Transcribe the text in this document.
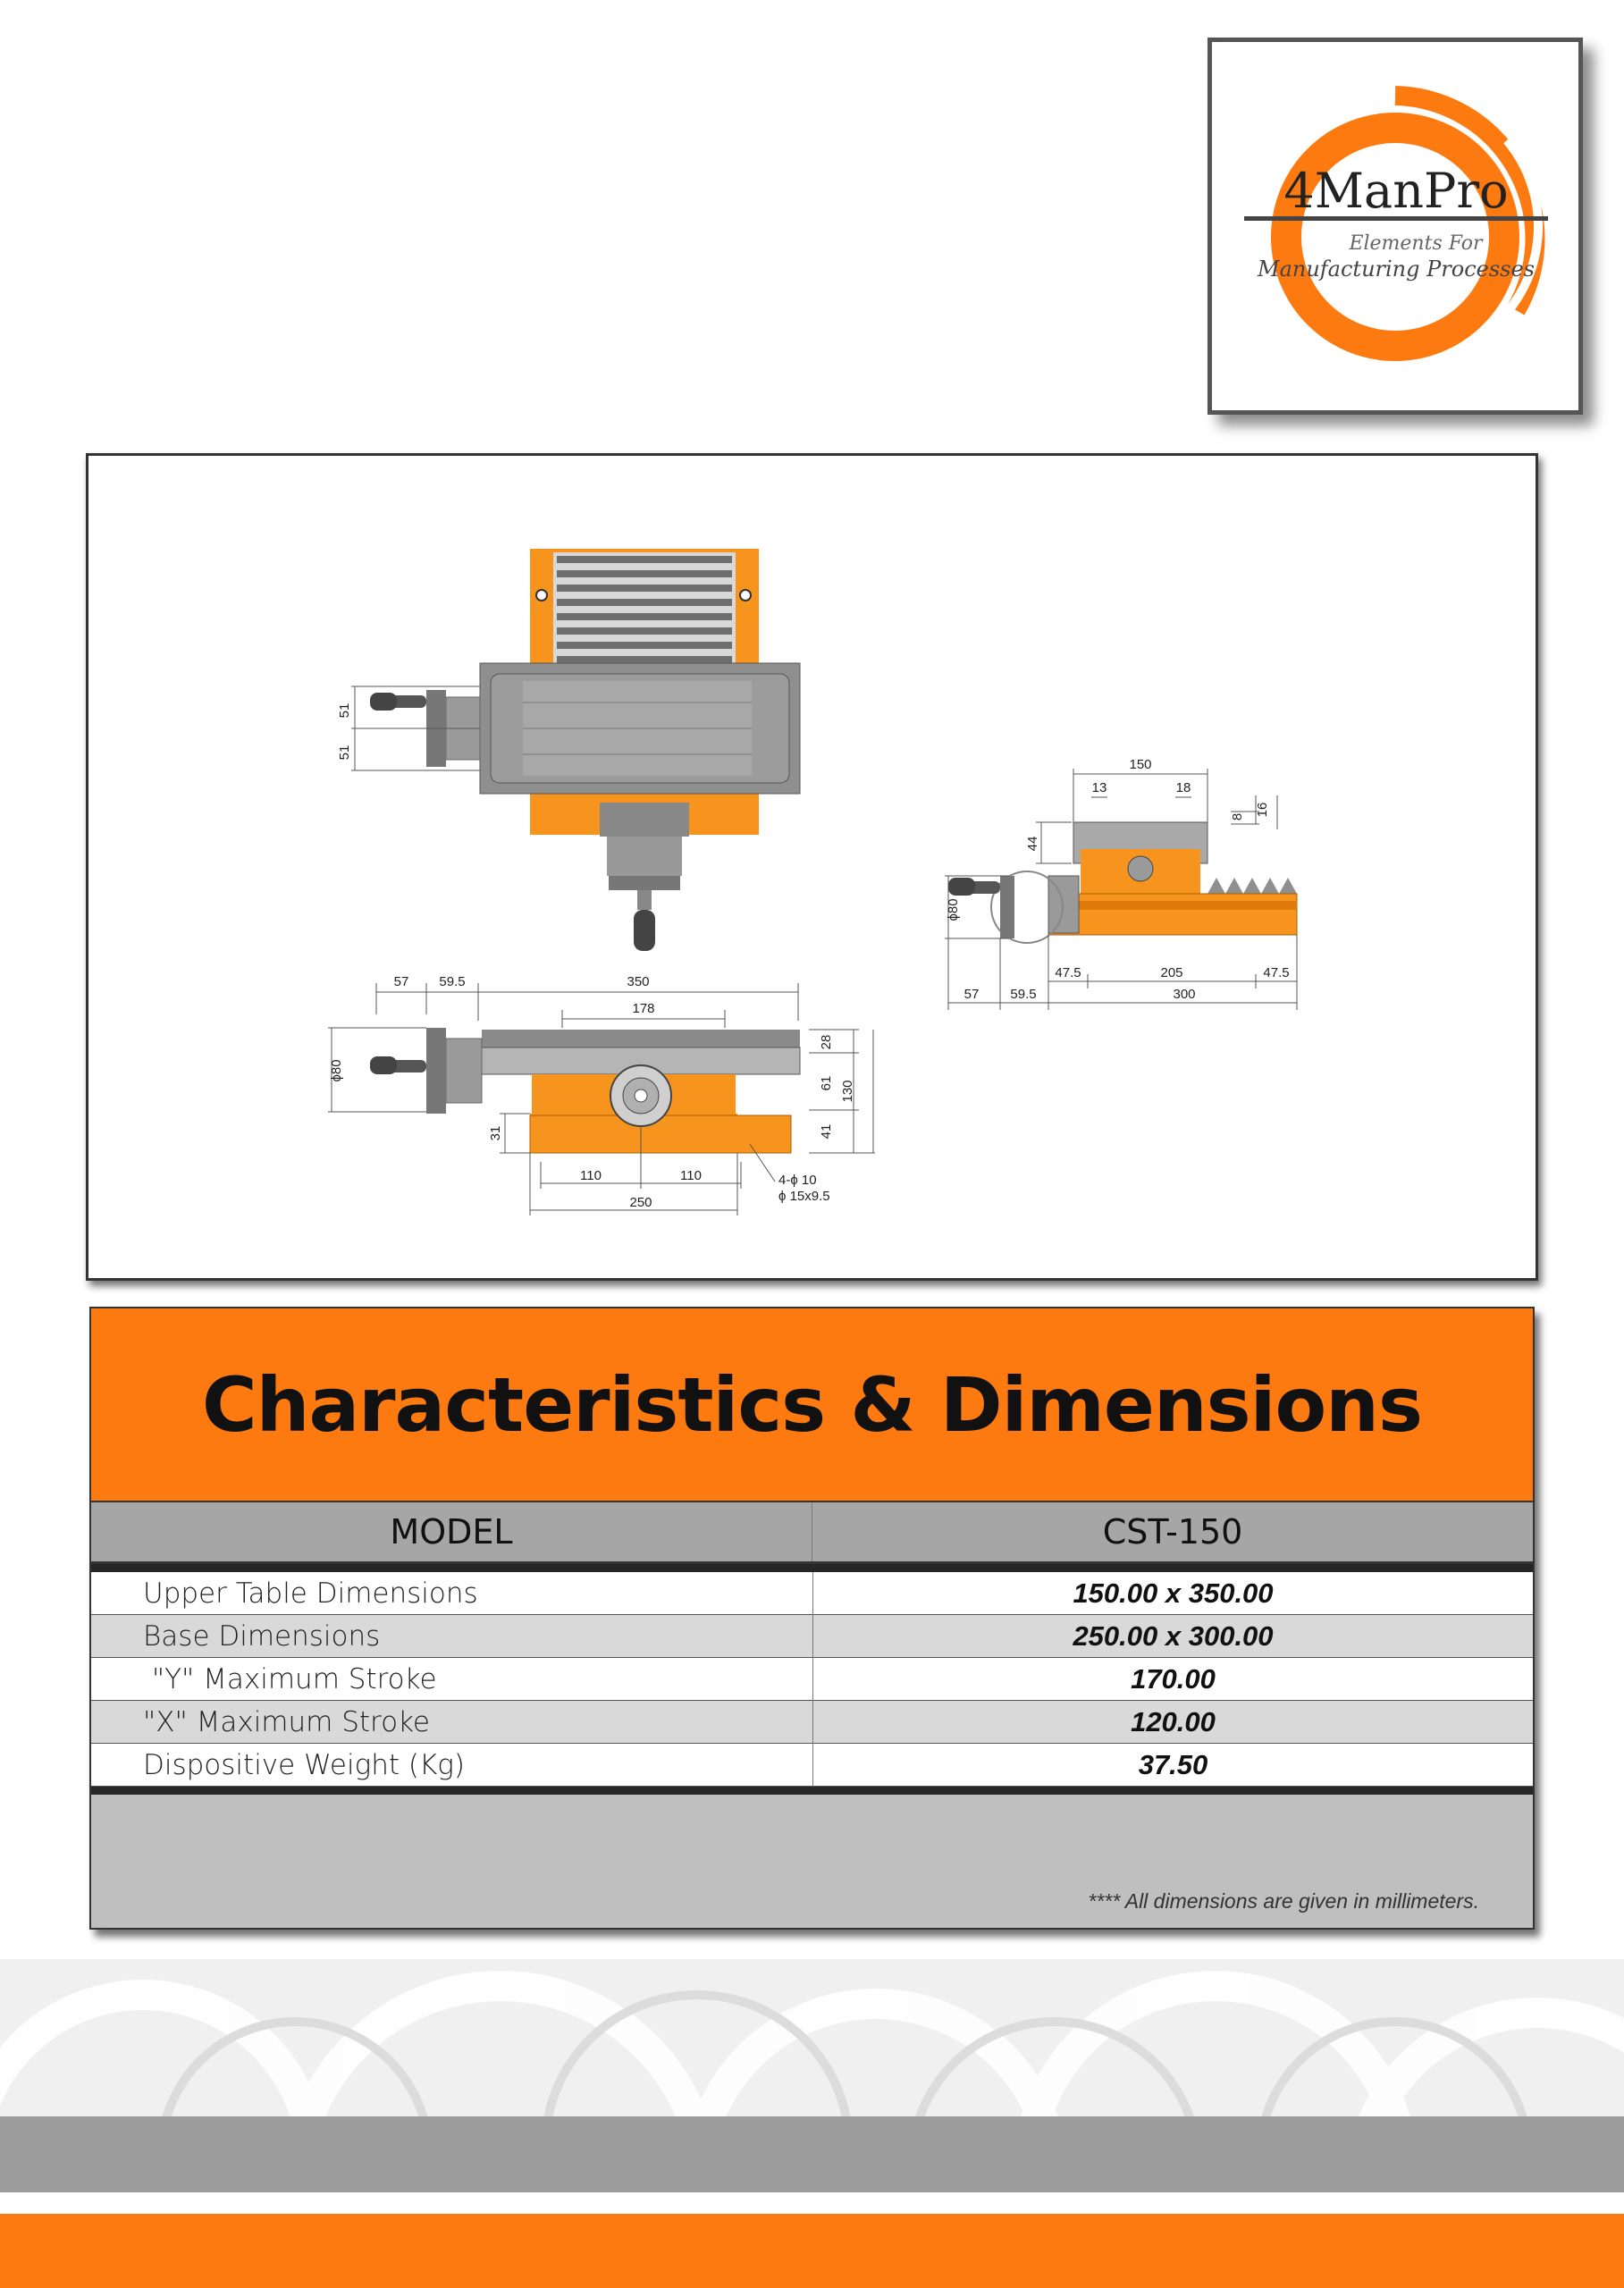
4ManPro
Elements For
Manufacturing Processes
51
51
57 59.5	350
178
ϕ80
31
28
61 130
41
110	110
250
4-ϕ 10
ϕ 15x9.5
150
13	18
8 16
44
ϕ80
47.5	205	47.5
57 59.5	300
Characteristics & Dimensions
MODEL	CST-150
Upper Table Dimensions	150.00 x 350.00
Base Dimensions	250.00 x 300.00
"Y" Maximum Stroke	170.00
"X" Maximum Stroke	120.00
Dispositive Weight (Kg)	37.50
**** All dimensions are given in millimeters.
